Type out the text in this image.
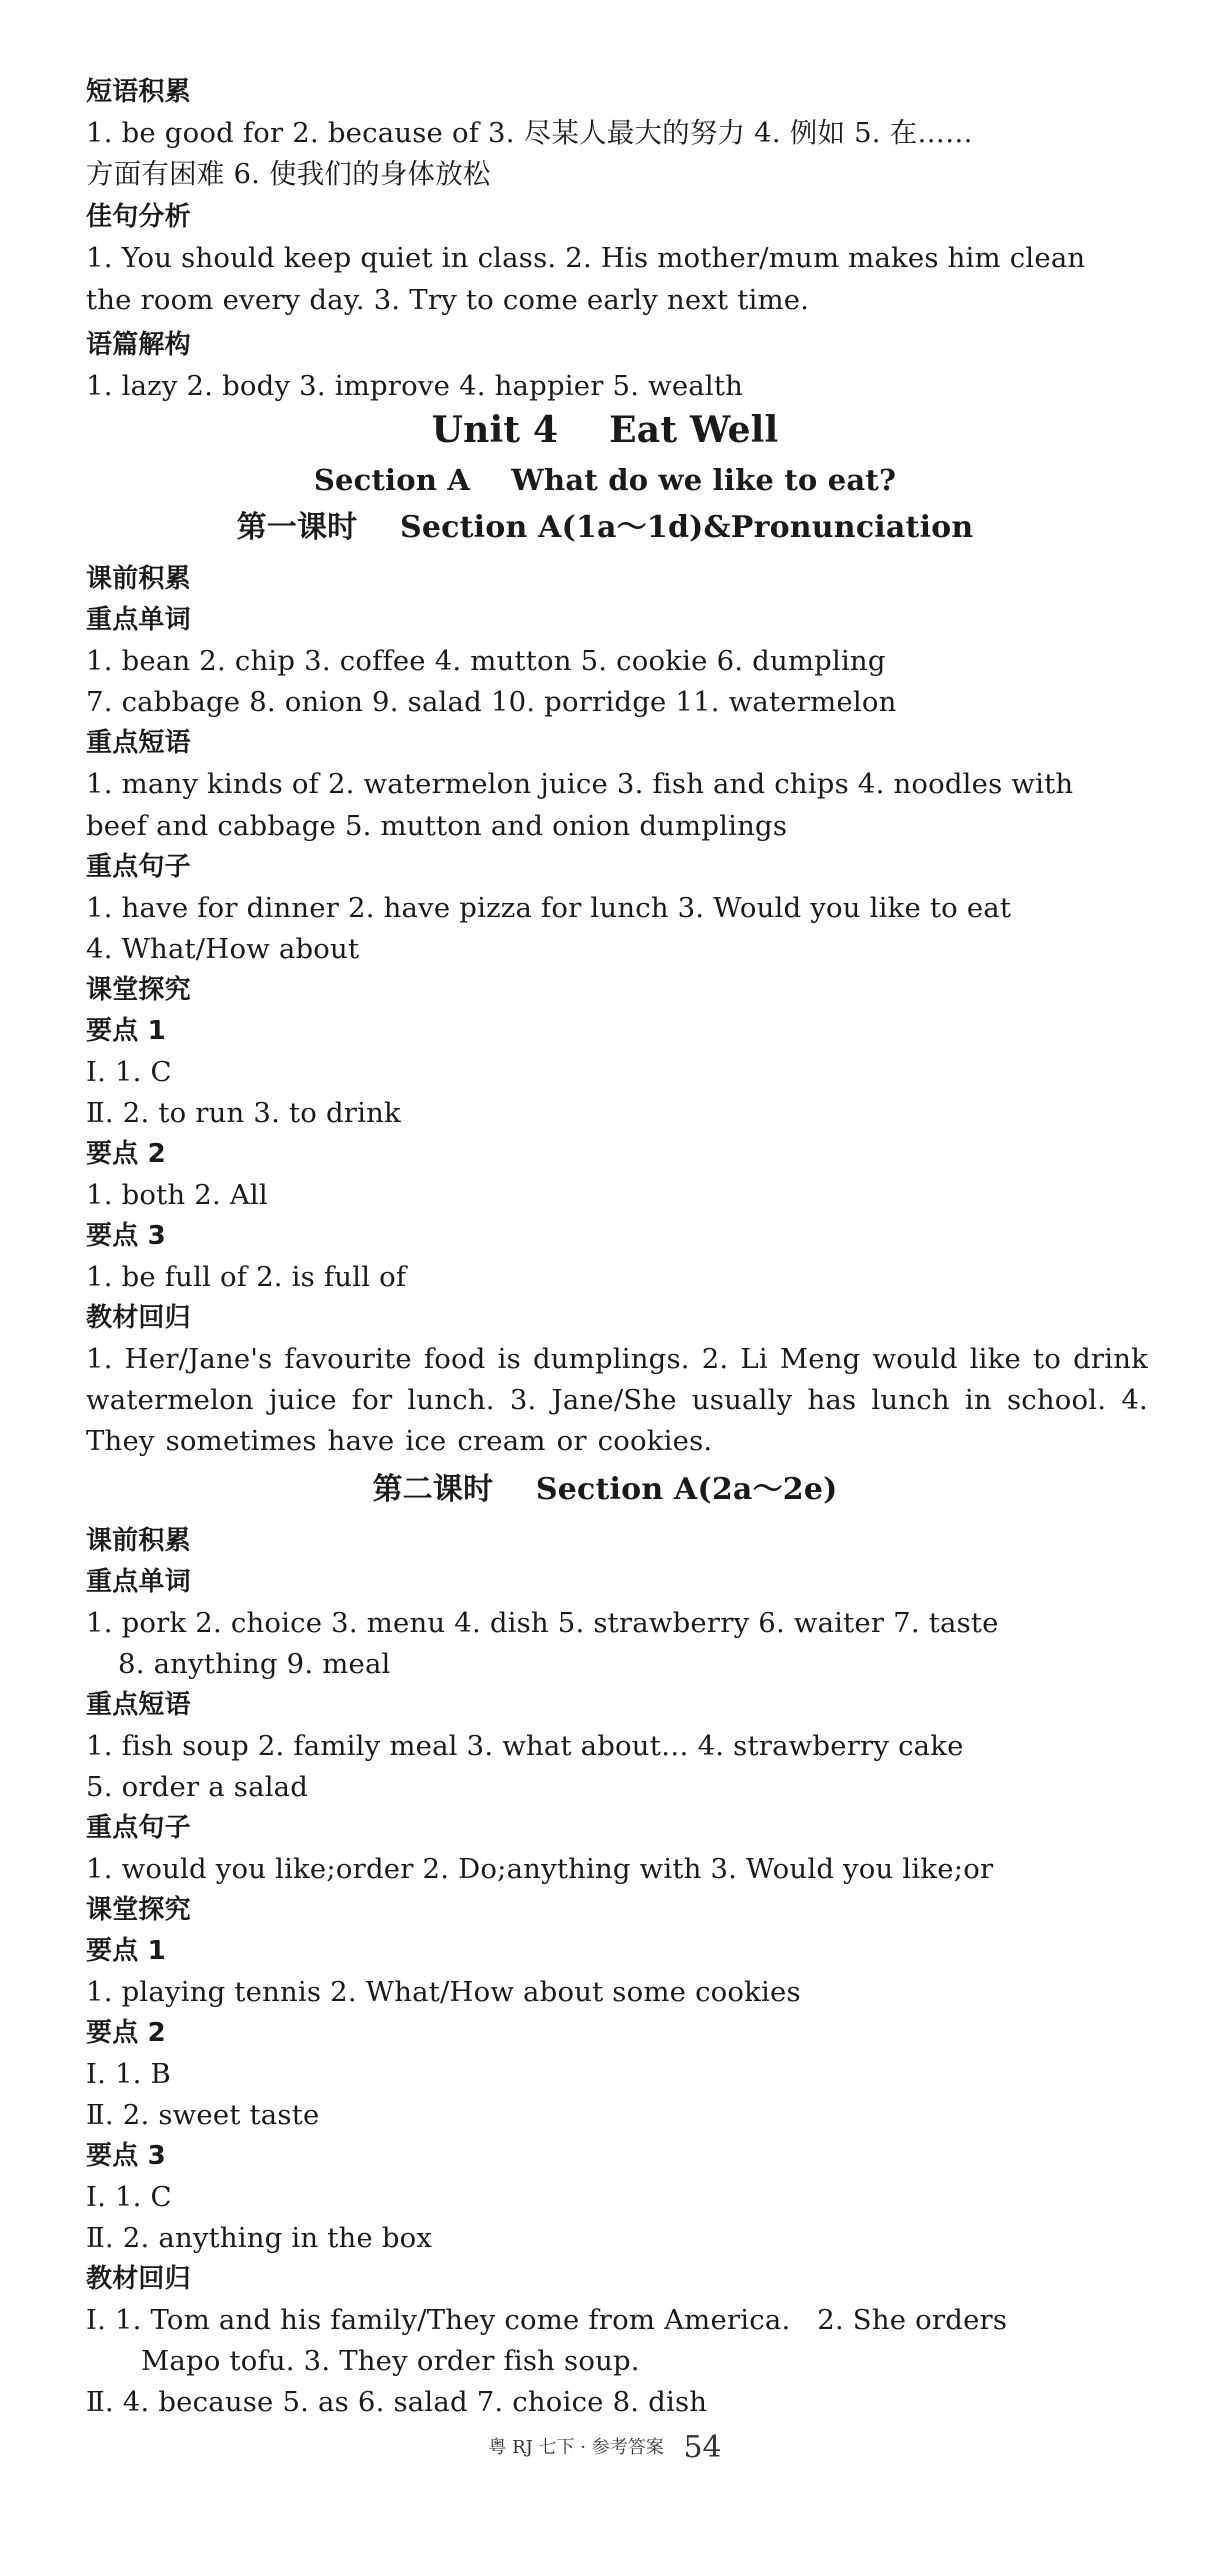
短语积累
1. be good for 2. because of 3. 尽某人最大的努力 4. 例如 5. 在……
方面有困难 6. 使我们的身体放松
佳句分析
1. You should keep quiet in class. 2. His mother/mum makes him clean
the room every day. 3. Try to come early next time.
语篇解构
1. lazy 2. body 3. improve 4. happier 5. wealth
Unit 4    Eat Well
Section A    What do we like to eat?
第一课时    Section A(1a～1d)&Pronunciation
课前积累
重点单词
1. bean 2. chip 3. coffee 4. mutton 5. cookie 6. dumpling
7. cabbage 8. onion 9. salad 10. porridge 11. watermelon
重点短语
1. many kinds of 2. watermelon juice 3. fish and chips 4. noodles with
beef and cabbage 5. mutton and onion dumplings
重点句子
1. have for dinner 2. have pizza for lunch 3. Would you like to eat
4. What/How about
课堂探究
要点 1
Ⅰ. 1. C
Ⅱ. 2. to run 3. to drink
要点 2
1. both 2. All
要点 3
1. be full of 2. is full of
教材回归
1. Her/Jane's favourite food is dumplings. 2. Li Meng would like to drink watermelon juice for lunch. 3. Jane/She usually has lunch in school. 4. They sometimes have ice cream or cookies.
第二课时    Section A(2a～2e)
课前积累
重点单词
1. pork 2. choice 3. menu 4. dish 5. strawberry 6. waiter 7. taste
8. anything 9. meal
重点短语
1. fish soup 2. family meal 3. what about… 4. strawberry cake
5. order a salad
重点句子
1. would you like;order 2. Do;anything with 3. Would you like;or
课堂探究
要点 1
1. playing tennis 2. What/How about some cookies
要点 2
Ⅰ. 1. B
Ⅱ. 2. sweet taste
要点 3
Ⅰ. 1. C
Ⅱ. 2. anything in the box
教材回归
Ⅰ. 1. Tom and his family/They come from America.   2. She orders
Mapo tofu. 3. They order fish soup.
Ⅱ. 4. because 5. as 6. salad 7. choice 8. dish
粤 RJ 七下 · 参考答案 54
